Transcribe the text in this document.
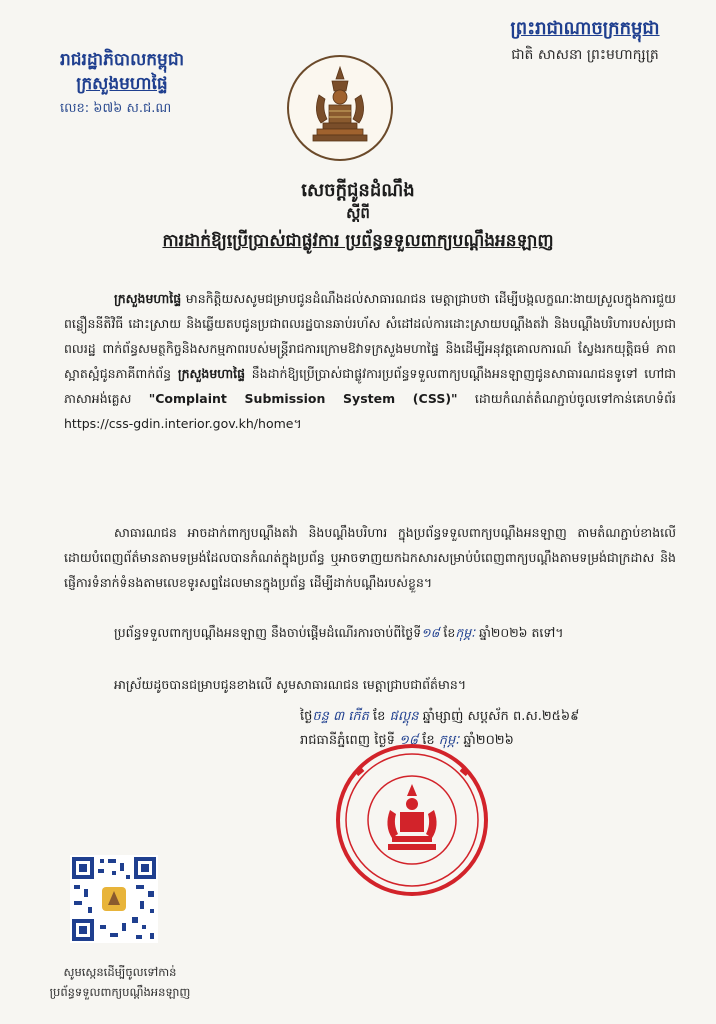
រាជរដ្ឋាភិបាលកម្ពុជា
ក្រសួងមហាផ្ទៃ
លេខ: ៦៧៦ ស.ជ.ណ
ព្រះរាជាណាចក្រកម្ពុជា
ជាតិ សាសនា ព្រះមហាក្សត្រ
សេចក្តីជូនដំណឹង
ស្តីពី
ការដាក់ឱ្យប្រើប្រាស់ជាផ្លូវការ ប្រព័ន្ធទទួលពាក្យបណ្តឹងអនឡាញ
ក្រសួងមហាផ្ទៃ មានកិត្តិយសសូមជម្រាបជូនដំណឹងដល់សាធារណជន មេត្តាជ្រាបថា ដើម្បីបង្កលក្ខណៈងាយស្រួលក្នុងការជួយពន្លឿននីតិវិធី ដោះស្រាយ និងឆ្លើយតបជូនប្រជាពលរដ្ឋបានឆាប់រហ័ស សំដៅដល់ការដោះស្រាយបណ្តឹងតវ៉ា និងបណ្តឹងបរិហារបស់ប្រជាពលរដ្ឋ ពាក់ព័ន្ធសមត្ថកិច្ចនិងសកម្មភាពរបស់មន្ត្រីរាជការក្រោមឱវាទក្រសួងមហាផ្ទៃ និងដើម្បីអនុវត្តគោលការណ៍ ស្វែងរកយុត្តិធម៌ ភាពស្អាតស្អំជូនភាគីពាក់ព័ន្ធ ក្រសួងមហាផ្ទៃ នឹងដាក់ឱ្យប្រើប្រាស់ជាផ្លូវការប្រព័ន្ធទទួលពាក្យបណ្តឹងអនឡាញជូនសាធារណជនទូទៅ ហៅជាភាសាអង់គ្លេស "Complaint Submission System (CSS)" ដោយកំណត់តំណភ្ជាប់ចូលទៅកាន់គេហទំព័រ https://css-gdin.interior.gov.kh/home។
សាធារណជន អាចដាក់ពាក្យបណ្តឹងតវ៉ា និងបណ្តឹងបរិហារ ក្នុងប្រព័ន្ធទទួលពាក្យបណ្តឹងអនឡាញ តាមតំណភ្ជាប់ខាងលើដោយបំពេញព័ត៌មានតាមទម្រង់ដែលបានកំណត់ក្នុងប្រព័ន្ធ ឬអាចទាញយកឯកសារសម្រាប់បំពេញពាក្យបណ្តឹងតាមទម្រង់ជាក្រដាស និងផ្ញើការទំនាក់ទំនងតាមលេខទូរសព្ទដែលមានក្នុងប្រព័ន្ធ ដើម្បីដាក់បណ្តឹងរបស់ខ្លួន។
ប្រព័ន្ធទទួលពាក្យបណ្តឹងអនឡាញ នឹងចាប់ផ្តើមដំណើរការចាប់ពីថ្ងៃទី១៨ ខែកុម្ភៈ ឆ្នាំ២០២៦ តទៅ។
អាស្រ័យដូចបានជម្រាបជូនខាងលើ សូមសាធារណជន មេត្តាជ្រាបជាព័ត៌មាន។
ថ្ងៃចន្ទ ៣ កើត ខែ ផល្គុន ឆ្នាំម្សាញ់ សប្តស័ក ព.ស.២៥៦៩
រាជធានីភ្នំពេញ ថ្ងៃទី ១៨ ខែ កុម្ភៈ ឆ្នាំ២០២៦
សូមស្កេនដើម្បីចូលទៅកាន់
ប្រព័ន្ធទទួលពាក្យបណ្តឹងអនឡាញ
